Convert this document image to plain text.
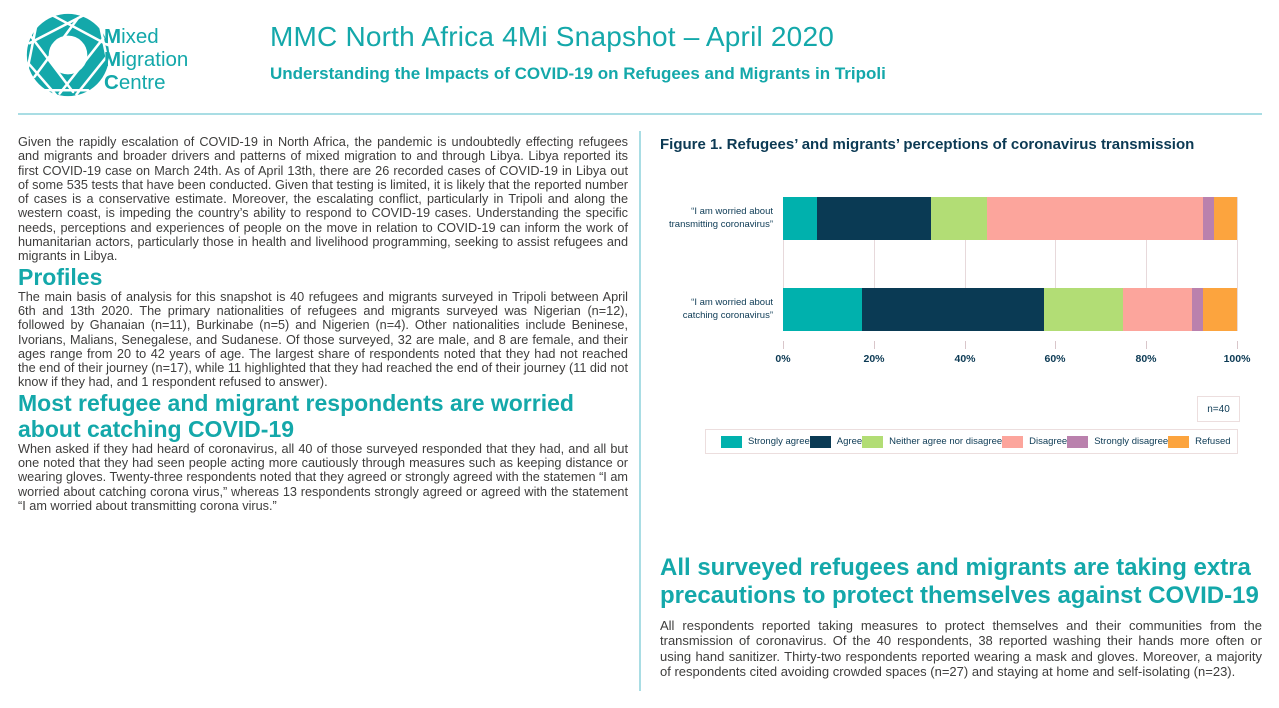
Mixed
Migration
Centre
MMC North Africa 4Mi Snapshot – April 2020
Understanding the Impacts of COVID-19 on Refugees and Migrants in Tripoli

Given the rapidly escalation of COVID-19 in North Africa, the pandemic is undoubtedly effecting refugees and migrants and broader drivers and patterns of mixed migration to and through Libya. Libya reported its first COVID-19 case on March 24th. As of April 13th, there are 26 recorded cases of COVID-19 in Libya out of some 535 tests that have been conducted. Given that testing is limited, it is likely that the reported number of cases is a conservative estimate. Moreover, the escalating conflict, particularly in Tripoli and along the western coast, is impeding the country’s ability to respond to COVID-19 cases. Understanding the specific needs, perceptions and experiences of people on the move in relation to COVID-19 can inform the work of humanitarian actors, particularly those in health and livelihood programming, seeking to assist refugees and migrants in Libya.

Profiles

The main basis of analysis for this snapshot is 40 refugees and migrants surveyed in Tripoli between April 6th and 13th 2020. The primary nationalities of refugees and migrants surveyed was Nigerian (n=12), followed by Ghanaian (n=11), Burkinabe (n=5) and Nigerien (n=4). Other nationalities include Beninese, Ivorians, Malians, Senegalese, and Sudanese. Of those surveyed, 32 are male, and 8 are female, and their ages range from 20 to 42 years of age. The largest share of respondents noted that they had not reached the end of their journey (n=17), while 11 highlighted that they had reached the end of their journey (11 did not know if they had, and 1 respondent refused to answer).

Most refugee and migrant respondents are worried about catching COVID-19

When asked if they had heard of coronavirus, all 40 of those surveyed responded that they had, and all but one noted that they had seen people acting more cautiously through measures such as keeping distance or wearing gloves. Twenty-three respondents noted that they agreed or strongly agreed with the statemen “I am worried about catching corona virus,” whereas 13 respondents strongly agreed or agreed with the statement “I am worried about transmitting corona virus.”

Figure 1. Refugees’ and migrants’ perceptions of coronavirus transmission
0%	20%	40%	60%	80%	100%
“I am worried about transmitting coronavirus”
“I am worried about catching coronavirus”
n=40
Strongly agree	Agree	Neither agree nor disagree	Disagree	Strongly disagree	Refused
All surveyed refugees and migrants are taking extra precautions to protect themselves against COVID-19

All respondents reported taking measures to protect themselves and their communities from the transmission of coronavirus. Of the 40 respondents, 38 reported washing their hands more often or using hand sanitizer. Thirty-two respondents reported wearing a mask and gloves. Moreover, a majority of respondents cited avoiding crowded spaces (n=27) and staying at home and self-isolating (n=23).
